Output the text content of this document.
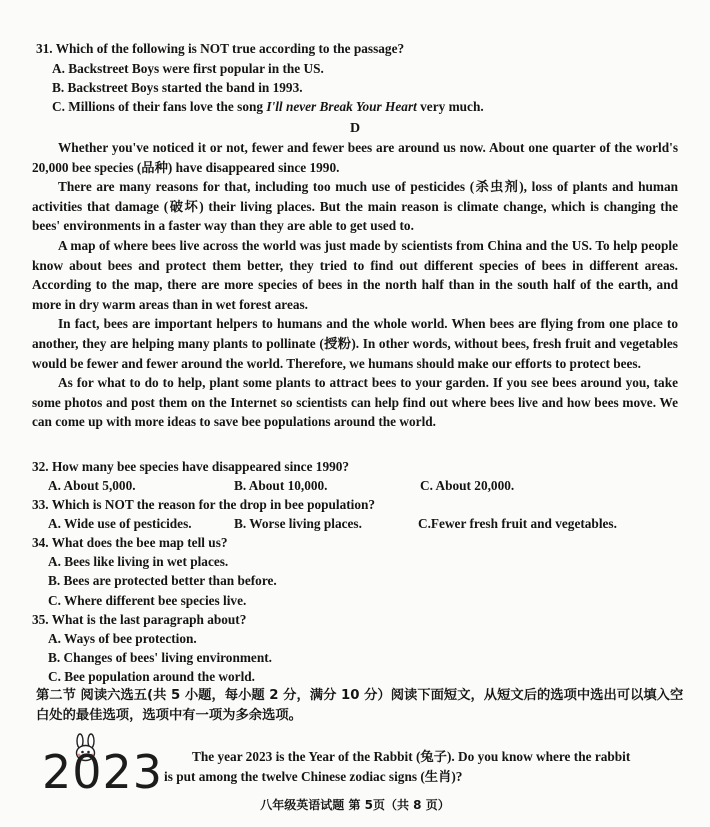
31. Which of the following is NOT true according to the passage?
A. Backstreet Boys were first popular in the US.
B. Backstreet Boys started the band in 1993.
C. Millions of their fans love the song I'll never Break Your Heart very much.
D

Whether you've noticed it or not, fewer and fewer bees are around us now. About one quarter of the world's 20,000 bee species (品种) have disappeared since 1990.

There are many reasons for that, including too much use of pesticides (杀虫剂), loss of plants and human activities that damage (破坏) their living places. But the main reason is climate change, which is changing the bees' environments in a faster way than they are able to get used to.

A map of where bees live across the world was just made by scientists from China and the US. To help people know about bees and protect them better, they tried to find out different species of bees in different areas. According to the map, there are more species of bees in the north half than in the south half of the earth, and more in dry warm areas than in wet forest areas.

In fact, bees are important helpers to humans and the whole world. When bees are flying from one place to another, they are helping many plants to pollinate (授粉). In other words, without bees, fresh fruit and vegetables would be fewer and fewer around the world. Therefore, we humans should make our efforts to protect bees.

As for what to do to help, plant some plants to attract bees to your garden. If you see bees around you, take some photos and post them on the Internet so scientists can help find out where bees live and how bees move. We can come up with more ideas to save bee populations around the world.

32. How many bee species have disappeared since 1990?
A. About 5,000.	B. About 10,000.	C. About 20,000.
33. Which is NOT the reason for the drop in bee population?
A. Wide use of pesticides.	B. Worse living places.	C.Fewer fresh fruit and vegetables.
34. What does the bee map tell us?
A. Bees like living in wet places.
B. Bees are protected better than before.
C. Where different bee species live.
35. What is the last paragraph about?
A. Ways of bee protection.
B. Changes of bees' living environment.
C. Bee population around the world.
第二节 阅读六选五(共 5 小题，每小题 2 分，满分 10 分）阅读下面短文，从短文后的选项中选出可以填入空白处的最佳选项，选项中有一项为多余选项。
2023 The year 2023 is the Year of the Rabbit (兔子). Do you know where the rabbit
is put among the twelve Chinese zodiac signs (生肖)?
八年级英语试题 第 5页（共 8 页）
